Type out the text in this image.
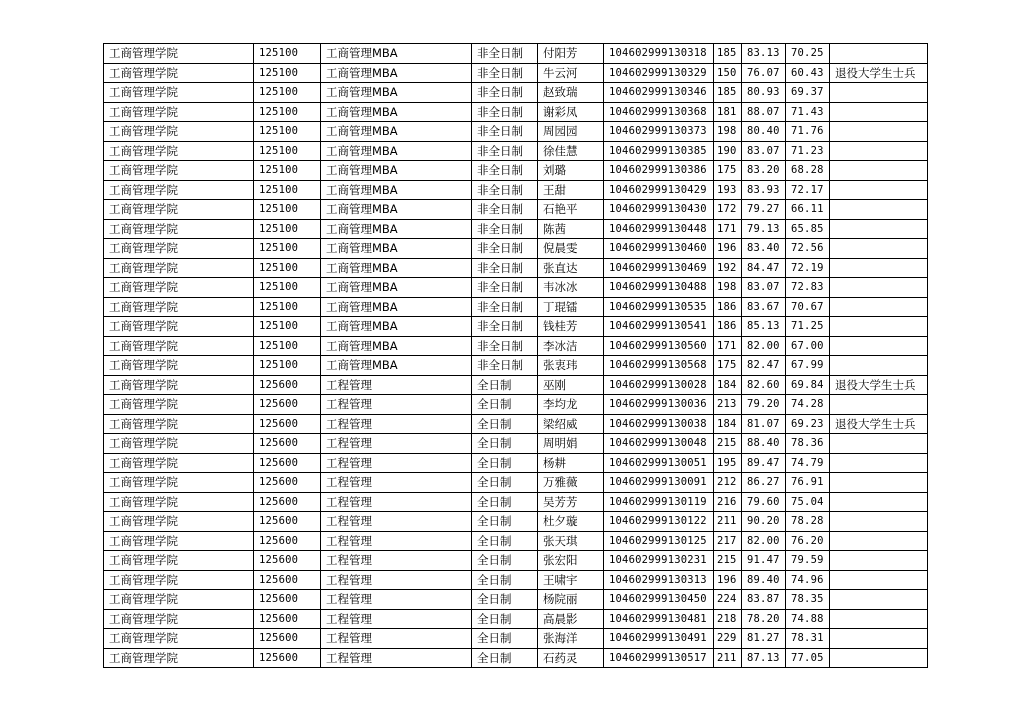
工商管理学院	125100	工商管理MBA	非全日制	付阳芳	104602999130318	185	83.13	70.25	
工商管理学院	125100	工商管理MBA	非全日制	牛云河	104602999130329	150	76.07	60.43	退役大学生士兵
工商管理学院	125100	工商管理MBA	非全日制	赵致瑞	104602999130346	185	80.93	69.37	
工商管理学院	125100	工商管理MBA	非全日制	谢彩凤	104602999130368	181	88.07	71.43	
工商管理学院	125100	工商管理MBA	非全日制	周园园	104602999130373	198	80.40	71.76	
工商管理学院	125100	工商管理MBA	非全日制	徐佳慧	104602999130385	190	83.07	71.23	
工商管理学院	125100	工商管理MBA	非全日制	刘璐	104602999130386	175	83.20	68.28	
工商管理学院	125100	工商管理MBA	非全日制	王甜	104602999130429	193	83.93	72.17	
工商管理学院	125100	工商管理MBA	非全日制	石艳平	104602999130430	172	79.27	66.11	
工商管理学院	125100	工商管理MBA	非全日制	陈茜	104602999130448	171	79.13	65.85	
工商管理学院	125100	工商管理MBA	非全日制	倪晨雯	104602999130460	196	83.40	72.56	
工商管理学院	125100	工商管理MBA	非全日制	张直达	104602999130469	192	84.47	72.19	
工商管理学院	125100	工商管理MBA	非全日制	韦冰冰	104602999130488	198	83.07	72.83	
工商管理学院	125100	工商管理MBA	非全日制	丁琨镭	104602999130535	186	83.67	70.67	
工商管理学院	125100	工商管理MBA	非全日制	钱桂芳	104602999130541	186	85.13	71.25	
工商管理学院	125100	工商管理MBA	非全日制	李冰洁	104602999130560	171	82.00	67.00	
工商管理学院	125100	工商管理MBA	非全日制	张衷玮	104602999130568	175	82.47	67.99	
工商管理学院	125600	工程管理	全日制	巫刚	104602999130028	184	82.60	69.84	退役大学生士兵
工商管理学院	125600	工程管理	全日制	李均龙	104602999130036	213	79.20	74.28	
工商管理学院	125600	工程管理	全日制	梁绍威	104602999130038	184	81.07	69.23	退役大学生士兵
工商管理学院	125600	工程管理	全日制	周明娟	104602999130048	215	88.40	78.36	
工商管理学院	125600	工程管理	全日制	杨耕	104602999130051	195	89.47	74.79	
工商管理学院	125600	工程管理	全日制	万雅薇	104602999130091	212	86.27	76.91	
工商管理学院	125600	工程管理	全日制	吴芳芳	104602999130119	216	79.60	75.04	
工商管理学院	125600	工程管理	全日制	杜夕璇	104602999130122	211	90.20	78.28	
工商管理学院	125600	工程管理	全日制	张天琪	104602999130125	217	82.00	76.20	
工商管理学院	125600	工程管理	全日制	张宏阳	104602999130231	215	91.47	79.59	
工商管理学院	125600	工程管理	全日制	王啸宇	104602999130313	196	89.40	74.96	
工商管理学院	125600	工程管理	全日制	杨院丽	104602999130450	224	83.87	78.35	
工商管理学院	125600	工程管理	全日制	高晨影	104602999130481	218	78.20	74.88	
工商管理学院	125600	工程管理	全日制	张海洋	104602999130491	229	81.27	78.31	
工商管理学院	125600	工程管理	全日制	石药灵	104602999130517	211	87.13	77.05	
